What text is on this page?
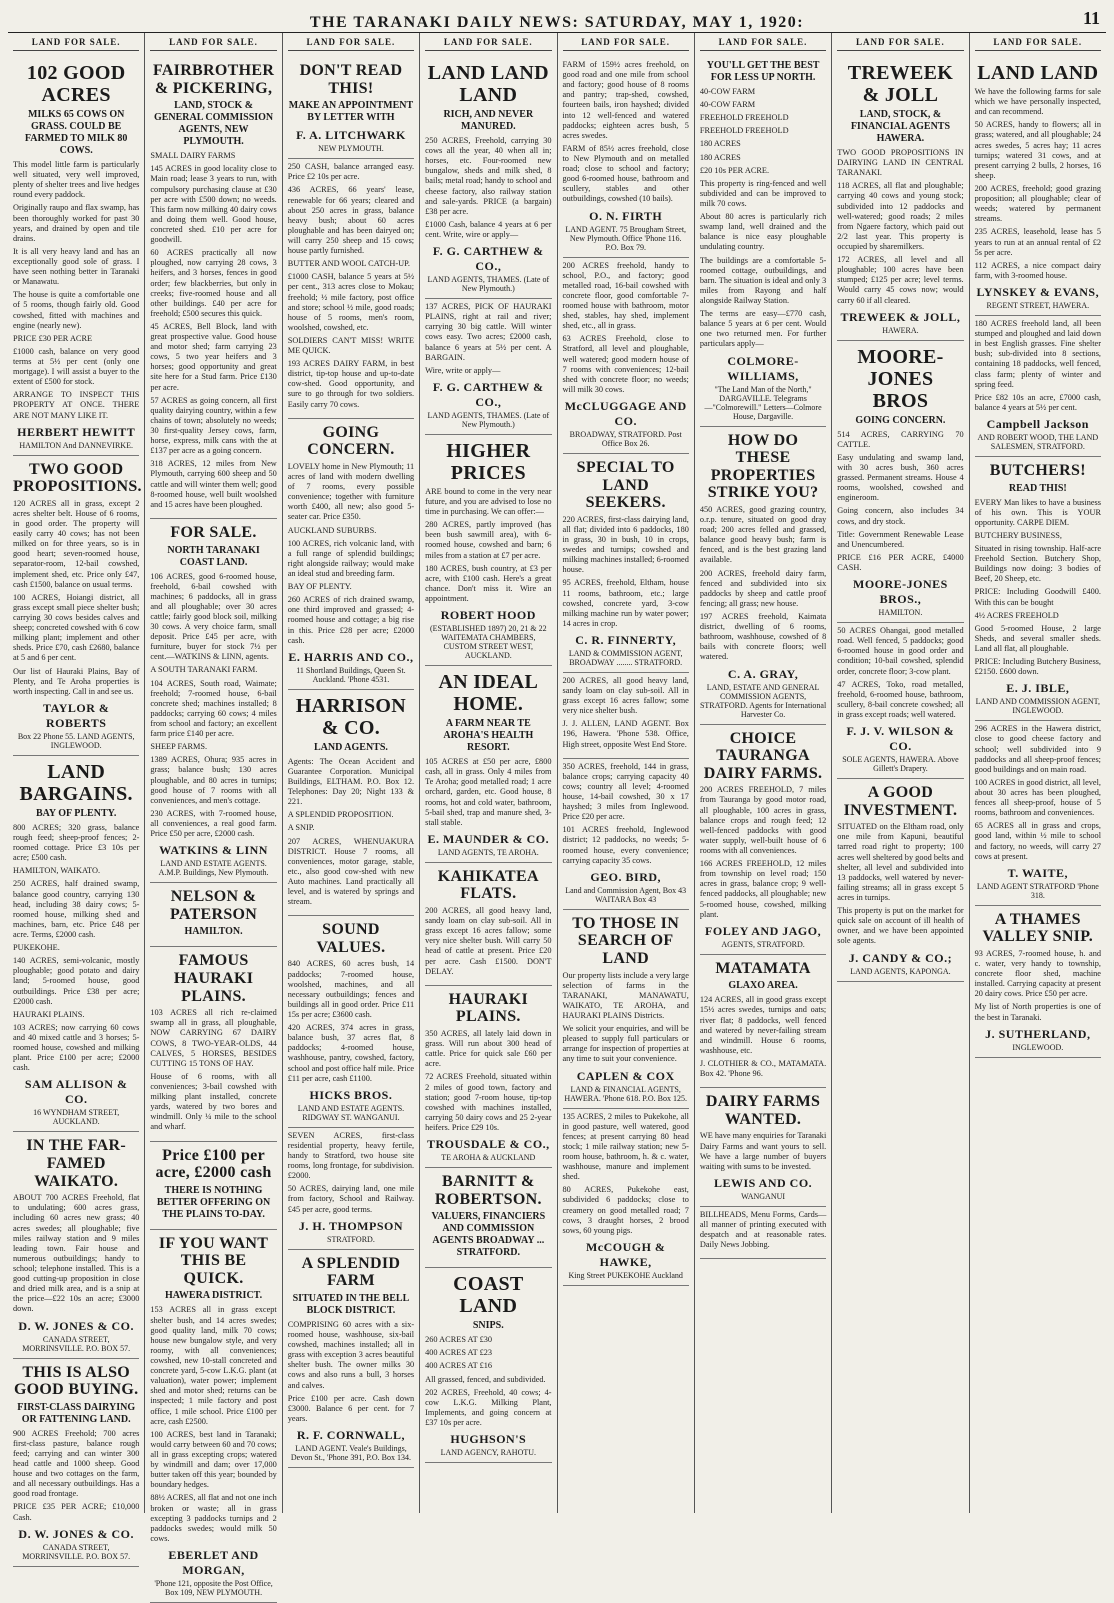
THE TARANAKI DAILY NEWS: SATURDAY, MAY 1, 1920:	11
LAND FOR SALE.
102 GOOD ACRES
MILKS 65 COWS ON GRASS. COULD BE FARMED TO MILK 80 COWS.

This model little farm is particularly well situated, very well improved, plenty of shelter trees and live hedges round every paddock.

Originally raupo and flax swamp, has been thoroughly worked for past 30 years, and drained by open and tile drains.

It is all very heavy land and has an exceptionally good sole of grass. I have seen nothing better in Taranaki or Manawatu.

The house is quite a comfortable one of 5 rooms, though fairly old. Good cowshed, fitted with machines and engine (nearly new).

PRICE £30 PER ACRE

£1000 cash, balance on very good terms at 5½ per cent (only one mortgage). I will assist a buyer to the extent of £500 for stock.

ARRANGE TO INSPECT THIS PROPERTY AT ONCE. THERE ARE NOT MANY LIKE IT.

HERBERT HEWITT
HAMILTON And DANNEVIRKE.
TWO GOOD PROPOSITIONS.

120 ACRES all in grass, except 2 acres shelter belt. House of 6 rooms, in good order. The property will easily carry 40 cows; has not been milked on for three years, so is in good heart; seven-roomed house, separator-room, 12-bail cowshed, implement shed, etc. Price only £47, cash £1500, balance on usual terms.

100 ACRES, Hoiangi district, all grass except small piece shelter bush; carrying 30 cows besides calves and sheep; concreted cowshed with 6 cow milking plant; implement and other sheds. Price £70, cash £2680, balance at 5 and 6 per cent.

Our list of Hauraki Plains, Bay of Plenty, and Te Aroha properties is worth inspecting. Call in and see us.

TAYLOR & ROBERTS
Box 22 Phone 55. LAND AGENTS, INGLEWOOD.
LAND BARGAINS.
BAY OF PLENTY.

800 ACRES; 320 grass, balance rough feed; sheep-proof fences; 2-roomed cottage. Price £3 10s per acre; £500 cash.

HAMILTON, WAIKATO.

250 ACRES, half drained swamp, balance good country, carrying 130 head, including 38 dairy cows; 5-roomed house, milking shed and machines, barn, etc. Price £48 per acre. Terms, £2000 cash.

PUKEKOHE.

140 ACRES, semi-volcanic, mostly ploughable; good potato and dairy land; 5-roomed house, good outbuildings. Price £38 per acre; £2000 cash.

HAURAKI PLAINS.

103 ACRES; now carrying 60 cows and 40 mixed cattle and 3 horses; 5-roomed house, cowshed and milking plant. Price £100 per acre; £2000 cash.

SAM ALLISON & CO.
16 WYNDHAM STREET, AUCKLAND.
IN THE FAR-FAMED WAIKATO.

ABOUT 700 ACRES Freehold, flat to undulating; 600 acres grass, including 60 acres new grass; 40 acres swedes; all ploughable; five miles railway station and 9 miles leading town. Fair house and numerous outbuildings; handy to school; telephone installed. This is a good cutting-up proposition in close and dried milk area, and is a snip at the price—£22 10s an acre; £3000 down.

D. W. JONES & CO.
CANADA STREET, MORRINSVILLE. P.O. BOX 57.
THIS IS ALSO GOOD BUYING.
FIRST-CLASS DAIRYING OR FATTENING LAND.

900 ACRES Freehold; 700 acres first-class pasture, balance rough feed; carrying and can winter 300 head cattle and 1000 sheep. Good house and two cottages on the farm, and all necessary outbuildings. Has a good road frontage.

PRICE £35 PER ACRE; £10,000 Cash.

D. W. JONES & CO.
CANADA STREET, MORRINSVILLE. P.O. BOX 57.
LAND FOR SALE.
FAIRBROTHER & PICKERING,
LAND, STOCK & GENERAL COMMISSION AGENTS, NEW PLYMOUTH.

SMALL DAIRY FARMS

145 ACRES in good locality close to Main road; lease 3 years to run, with compulsory purchasing clause at £30 per acre with £500 down; no weeds. This farm now milking 40 dairy cows and doing them well. Good house, concreted shed. £10 per acre for goodwill.

60 ACRES practically all now ploughed, now carrying 28 cows, 3 heifers, and 3 horses, fences in good order; few blackberries, but only in creeks; five-roomed house and all other buildings. £40 per acre for freehold; £500 secures this quick.

45 ACRES, Bell Block, land with great prospective value. Good house and motor shed; farm carrying 23 cows, 5 two year heifers and 3 horses; good opportunity and great site here for a Stud farm. Price £130 per acre.

57 ACRES as going concern, all first quality dairying country, within a few chains of town; absolutely no weeds; 30 first-quality Jersey cows, farm, horse, express, milk cans with the at £137 per acre as a going concern.

318 ACRES, 12 miles from New Plymouth, carrying 600 sheep and 50 cattle and will winter them well; good 8-roomed house, well built woolshed and 15 acres have been ploughed.

FOR SALE.
NORTH TARANAKI COAST LAND.

106 ACRES, good 6-roomed house, freehold, 6-bail cowshed with machines; 6 paddocks, all in grass and all ploughable; over 30 acres cattle; fairly good block soil, milking 30 cows. A very choice farm, small deposit. Price £45 per acre, with furniture, buyer for stock 7½ per cent.—WATKINS & LINN, agents.

A SOUTH TARANAKI FARM.

104 ACRES, South road, Waimate; freehold; 7-roomed house, 6-bail concrete shed; machines installed; 8 paddocks; carrying 60 cows; 4 miles from school and factory; an excellent farm price £140 per acre.

SHEEP FARMS.

1389 ACRES, Ohura; 935 acres in grass; balance bush; 130 acres ploughable, and 80 acres in turnips; good house of 7 rooms with all conveniences, and men's cottage.

230 ACRES, with 7-roomed house, all conveniences, a real good farm. Price £50 per acre, £2000 cash.

WATKINS & LINN
LAND AND ESTATE AGENTS. A.M.P. Buildings, New Plymouth.
NELSON & PATERSON
HAMILTON.
FAMOUS HAURAKI PLAINS.

103 ACRES all rich re-claimed swamp all in grass, all ploughable, NOW CARRYING 67 DAIRY COWS, 8 TWO-YEAR-OLDS, 44 CALVES, 5 HORSES, BESIDES CUTTING 15 TONS OF HAY.

House of 6 rooms, with all conveniences; 3-bail cowshed with milking plant installed, concrete yards, watered by two bores and windmill. Only ¼ mile to the school and wharf.

Price £100 per acre, £2000 cash
THERE IS NOTHING BETTER OFFERING ON THE PLAINS TO-DAY.
IF YOU WANT THIS BE QUICK.
HAWERA DISTRICT.

153 ACRES all in grass except shelter bush, and 14 acres swedes; good quality land, milk 70 cows; house new bungalow style, and very roomy, with all conveniences; cowshed, new 10-stall concreted and concrete yard, 5-cow L.K.G. plant (at valuation), water power; implement shed and motor shed; returns can be inspected; 1 mile factory and post office, 1 mile school. Price £100 per acre, cash £2500.

100 ACRES, best land in Taranaki; would carry between 60 and 70 cows; all in grass excepting crops; watered by windmill and dam; over 17,000 butter taken off this year; bounded by boundary hedges.

88½ ACRES, all flat and not one inch broken or waste; all in grass excepting 3 paddocks turnips and 2 paddocks swedes; would milk 50 cows.

EBERLET AND MORGAN,
'Phone 121, opposite the Post Office, Box 109, NEW PLYMOUTH.
LAND FOR SALE.
DON'T READ THIS!
MAKE AN APPOINTMENT BY LETTER WITH
F. A. LITCHWARK
NEW PLYMOUTH.

250 CASH, balance arranged easy. Price £2 10s per acre.

436 ACRES, 66 years' lease, renewable for 66 years; cleared and about 250 acres in grass, balance heavy bush; about 60 acres ploughable and has been dairyed on; will carry 250 sheep and 15 cows; house partly furnished.

BUTTER AND WOOL CATCH-UP.

£1000 CASH, balance 5 years at 5½ per cent., 313 acres close to Mokau; freehold; ½ mile factory, post office and store; school ½ mile, good roads; house of 5 rooms, men's room, woolshed, cowshed, etc.

SOLDIERS CAN'T MISS! WRITE ME QUICK.

193 ACRES DAIRY FARM, in best district, tip-top house and up-to-date cow-shed. Good opportunity, and sure to go through for two soldiers. Easily carry 70 cows.

GOING CONCERN.

LOVELY home in New Plymouth; 11 acres of land with modern dwelling of 7 rooms, every possible convenience; together with furniture worth £400, all new; also good 5-seater car. Price £350.

AUCKLAND SUBURBS.

100 ACRES, rich volcanic land, with a full range of splendid buildings; right alongside railway; would make an ideal stud and breeding farm.

BAY OF PLENTY.

260 ACRES of rich drained swamp, one third improved and grassed; 4-roomed house and cottage; a big rise in this. Price £28 per acre; £2000 cash.

E. HARRIS AND CO.,
11 Shortland Buildings, Queen St. Auckland. 'Phone 4531.
HARRISON & CO.
LAND AGENTS.

Agents: The Ocean Accident and Guarantee Corporation. Municipal Buildings, ELTHAM. P.O. Box 12. Telephones: Day 20; Night 133 & 221.

A SPLENDID PROPOSITION.

A SNIP.

207 ACRES, WHENUAKURA DISTRICT. House 7 rooms, all conveniences, motor garage, stable, etc., also good cow-shed with new Auto machines. Land practically all level, and is watered by springs and stream.

SOUND VALUES.

840 ACRES, 60 acres bush, 14 paddocks; 7-roomed house, woolshed, machines, and all necessary outbuildings; fences and buildings all in good order. Price £11 15s per acre; £3600 cash.

420 ACRES, 374 acres in grass, balance bush, 37 acres flat, 8 paddocks; 4-roomed house, washhouse, pantry, cowshed, factory, school and post office half mile. Price £11 per acre, cash £1100.

HICKS BROS.
LAND AND ESTATE AGENTS. RIDGWAY ST. WANGANUI.

SEVEN ACRES, first-class residential property, heavy fertile, handy to Stratford, two house site rooms, long frontage, for subdivision. £2000.

50 ACRES, dairying land, one mile from factory, School and Railway. £45 per acre, good terms.

J. H. THOMPSON
STRATFORD.
A SPLENDID FARM
SITUATED IN THE BELL BLOCK DISTRICT.

COMPRISING 60 acres with a six-roomed house, washhouse, six-bail cowshed, machines installed; all in grass with exception 3 acres beautiful shelter bush. The owner milks 30 cows and also runs a bull, 3 horses and calves.

Price £100 per acre. Cash down £3000. Balance 6 per cent. for 7 years.

R. F. CORNWALL,
LAND AGENT. Veale's Buildings, Devon St., 'Phone 391, P.O. Box 134.
LAND FOR SALE.
LAND LAND LAND
RICH, AND NEVER MANURED.

250 ACRES, Freehold, carrying 30 cows all the year, 40 when all in; horses, etc. Four-roomed new bungalow, sheds and milk shed, 8 bails; metal road; handy to school and cheese factory, also railway station and sale-yards. PRICE (a bargain) £38 per acre.

£1000 Cash, balance 4 years at 6 per cent. Write, wire or apply—

F. G. CARTHEW & CO.,
LAND AGENTS, THAMES. (Late of New Plymouth.)

137 ACRES, PICK OF HAURAKI PLAINS, right at rail and river; carrying 30 big cattle. Will winter cows easy. Two acres; £2000 cash, balance 6 years at 5½ per cent. A BARGAIN.

Wire, write or apply—

F. G. CARTHEW & CO.,
LAND AGENTS, THAMES. (Late of New Plymouth.)
HIGHER PRICES

ARE bound to come in the very near future, and you are advised to lose no time in purchasing. We can offer:—

280 ACRES, partly improved (has been bush sawmill area), with 6-roomed house, cowshed and barn; 6 miles from a station at £7 per acre.

180 ACRES, bush country, at £3 per acre, with £100 cash. Here's a great chance. Don't miss it. Wire an appointment.

ROBERT HOOD
(ESTABLISHED 1897) 20, 21 & 22 WAITEMATA CHAMBERS, CUSTOM STREET WEST, AUCKLAND.
AN IDEAL HOME.
A FARM NEAR TE AROHA'S HEALTH RESORT.

105 ACRES at £50 per acre, £800 cash, all in grass. Only 4 miles from Te Aroha; good metalled road; 1 acre orchard, garden, etc. Good house, 8 rooms, hot and cold water, bathroom, 5-bail shed, trap and manure shed, 3-stall stable.

E. MAUNDER & CO.
LAND AGENTS, TE AROHA.
KAHIKATEA FLATS.

200 ACRES, all good heavy land, sandy loam on clay sub-soil. All in grass except 16 acres fallow; some very nice shelter bush. Will carry 50 head of cattle at present. Price £20 per acre. Cash £1500. DON'T DELAY.

HAURAKI PLAINS.

350 ACRES, all lately laid down in grass. Will run about 300 head of cattle. Price for quick sale £60 per acre.

72 ACRES Freehold, situated within 2 miles of good town, factory and station; good 7-room house, tip-top cowshed with machines installed, carrying 50 dairy cows and 25 2-year heifers. Price £29 10s.

TROUSDALE & CO.,
TE AROHA & AUCKLAND
BARNITT & ROBERTSON.
VALUERS, FINANCIERS AND COMMISSION AGENTS BROADWAY ... STRATFORD.
COAST LAND
SNIPS.

260 ACRES AT £30

400 ACRES AT £23

400 ACRES AT £16

All grassed, fenced, and subdivided.

202 ACRES, Freehold, 40 cows; 4-cow L.K.G. Milking Plant, Implements, and going concern at £37 10s per acre.

HUGHSON'S
LAND AGENCY, RAHOTU.
LAND FOR SALE.

FARM of 159½ acres freehold, on good road and one mile from school and factory; good house of 8 rooms and pantry; trap-shed, cowshed, fourteen bails, iron hayshed; divided into 12 well-fenced and watered paddocks; eighteen acres bush, 5 acres swedes.

FARM of 85½ acres freehold, close to New Plymouth and on metalled road; close to school and factory; good 6-roomed house, bathroom and scullery, stables and other outbuildings, cowshed (10 bails).

O. N. FIRTH
LAND AGENT. 75 Brougham Street, New Plymouth. Office 'Phone 116. P.O. Box 79.

200 ACRES freehold, handy to school, P.O., and factory; good metalled road, 16-bail cowshed with concrete floor, good comfortable 7-roomed house with bathroom, motor shed, stables, hay shed, implement shed, etc., all in grass.

63 ACRES Freehold, close to Stratford, all level and ploughable, well watered; good modern house of 7 rooms with conveniences; 12-bail shed with concrete floor; no weeds; will milk 30 cows.

McCLUGGAGE AND CO.
BROADWAY, STRATFORD. Post Office Box 26.
SPECIAL TO LAND SEEKERS.

220 ACRES, first-class dairying land, all flat; divided into 6 paddocks, 180 in grass, 30 in bush, 10 in crops, swedes and turnips; cowshed and milking machines installed; 6-roomed house.

95 ACRES, freehold, Eltham, house 11 rooms, bathroom, etc.; large cowshed, concrete yard, 3-cow milking machine run by water power; 14 acres in crop.

C. R. FINNERTY,
LAND & COMMISSION AGENT, BROADWAY ........ STRATFORD.

200 ACRES, all good heavy land, sandy loam on clay sub-soil. All in grass except 16 acres fallow; some very nice shelter bush.

J. J. ALLEN, LAND AGENT. Box 196, Hawera. 'Phone 538. Office, High street, opposite West End Store.

350 ACRES, freehold, 144 in grass, balance crops; carrying capacity 40 cows; country all level; 4-roomed house, 14-bail cowshed, 30 x 17 hayshed; 3 miles from Inglewood. Price £20 per acre.

101 ACRES freehold, Inglewood district; 12 paddocks, no weeds; 5-roomed house, every convenience; carrying capacity 35 cows.

GEO. BIRD,
Land and Commission Agent, Box 43 WAITARA Box 43
TO THOSE IN SEARCH OF LAND

Our property lists include a very large selection of farms in the TARANAKI, MANAWATU, WAIKATO, TE AROHA, and HAURAKI PLAINS Districts.

We solicit your enquiries, and will be pleased to supply full particulars or arrange for inspection of properties at any time to suit your convenience.

CAPLEN & COX
LAND & FINANCIAL AGENTS, HAWERA. 'Phone 618. P.O. Box 125.

135 ACRES, 2 miles to Pukekohe, all in good pasture, well watered, good fences; at present carrying 80 head stock; 1 mile railway station; new 5-room house, bathroom, h. & c. water, washhouse, manure and implement shed.

80 ACRES, Pukekohe east, subdivided 6 paddocks; close to creamery on good metalled road; 7 cows, 3 draught horses, 2 brood sows, 60 young pigs.

McCOUGH & HAWKE,
King Street PUKEKOHE Auckland
LAND FOR SALE.
YOU'LL GET THE BEST FOR LESS UP NORTH.

40-COW FARM

40-COW FARM

FREEHOLD FREEHOLD

FREEHOLD FREEHOLD

180 ACRES

180 ACRES

£20 10s PER ACRE.

This property is ring-fenced and well subdivided and can be improved to milk 70 cows.

About 80 acres is particularly rich swamp land, well drained and the balance is nice easy ploughable undulating country.

The buildings are a comfortable 5-roomed cottage, outbuildings, and barn. The situation is ideal and only 3 miles from Rayong and half alongside Railway Station.

The terms are easy—£770 cash, balance 5 years at 6 per cent. Would one two returned men. For further particulars apply—

COLMORE-WILLIAMS,
"The Land Man of the North," DARGAVILLE. Telegrams—"Colmorewill." Letters—Colmore House, Dargaville.
HOW DO THESE PROPERTIES STRIKE YOU?

450 ACRES, good grazing country, o.r.p. tenure, situated on good dray road; 200 acres felled and grassed, balance good heavy bush; farm is fenced, and is the best grazing land available.

200 ACRES, freehold dairy farm, fenced and subdivided into six paddocks by sheep and cattle proof fencing; all grass; new house.

197 ACRES freehold, Kaimata district, dwelling of 6 rooms, bathroom, washhouse, cowshed of 8 bails with concrete floors; well watered.

C. A. GRAY,
LAND, ESTATE AND GENERAL COMMISSION AGENTS, STRATFORD. Agents for International Harvester Co.
CHOICE TAURANGA DAIRY FARMS.

200 ACRES FREEHOLD, 7 miles from Tauranga by good motor road, all ploughable, 100 acres in grass, balance crops and rough feed; 12 well-fenced paddocks with good water supply, well-built house of 6 rooms with all conveniences.

166 ACRES FREEHOLD, 12 miles from township on level road; 150 acres in grass, balance crop; 9 well-fenced paddocks, all ploughable; new 5-roomed house, cowshed, milking plant.

FOLEY AND JAGO,
AGENTS, STRATFORD.
MATAMATA
GLAXO AREA.

124 ACRES, all in good grass except 15½ acres swedes, turnips and oats; river flat; 8 paddocks, well fenced and watered by never-failing stream and windmill. House 6 rooms, washhouse, etc.

J. CLOTHIER & CO., MATAMATA. Box 42. 'Phone 96.

DAIRY FARMS WANTED.

WE have many enquiries for Taranaki Dairy Farms and want yours to sell. We have a large number of buyers waiting with sums to be invested.

LEWIS AND CO.
WANGANUI

BILLHEADS, Menu Forms, Cards—all manner of printing executed with despatch and at reasonable rates. Daily News Jobbing.

LAND FOR SALE.
TREWEEK & JOLL
LAND, STOCK, & FINANCIAL AGENTS HAWERA.

TWO GOOD PROPOSITIONS IN DAIRYING LAND IN CENTRAL TARANAKI.

118 ACRES, all flat and ploughable; carrying 40 cows and young stock; subdivided into 12 paddocks and well-watered; good roads; 2 miles from Ngaere factory, which paid out 2/2 last year. This property is occupied by sharemilkers.

172 ACRES, all level and all ploughable; 100 acres have been stumped; £125 per acre; level terms. Would carry 45 cows now; would carry 60 if all cleared.

TREWEEK & JOLL,
HAWERA.
MOORE-JONES BROS
GOING CONCERN.

514 ACRES, CARRYING 70 CATTLE.

Easy undulating and swamp land, with 30 acres bush, 360 acres grassed. Permanent streams. House 4 rooms, woolshed, cowshed and engineroom.

Going concern, also includes 34 cows, and dry stock.

Title: Government Renewable Lease and Unencumbered.

PRICE £16 PER ACRE, £4000 CASH.

MOORE-JONES BROS.,
HAMILTON.

50 ACRES Ohangai, good metalled road. Well fenced, 5 paddocks; good 6-roomed house in good order and condition; 10-bail cowshed, splendid order, concrete floor; 3-cow plant.

47 ACRES, Toko, road metalled, freehold, 6-roomed house, bathroom, scullery, 8-bail concrete cowshed; all in grass except roads; well watered.

F. J. V. WILSON & CO.
SOLE AGENTS, HAWERA. Above Gillett's Drapery.
A GOOD INVESTMENT.

SITUATED on the Eltham road, only one mile from Kapuni, beautiful tarred road right to property; 100 acres well sheltered by good belts and shelter, all level and subdivided into 13 paddocks, well watered by never-failing streams; all in grass except 5 acres in turnips.

This property is put on the market for quick sale on account of ill health of owner, and we have been appointed sole agents.

J. CANDY & CO.;
LAND AGENTS, KAPONGA.
LAND FOR SALE.
LAND LAND

We have the following farms for sale which we have personally inspected, and can recommend.

50 ACRES, handy to flowers; all in grass; watered, and all ploughable; 24 acres swedes, 5 acres hay; 11 acres turnips; watered 31 cows, and at present carrying 2 bulls, 2 horses, 16 sheep.

200 ACRES, freehold; good grazing proposition; all ploughable; clear of weeds; watered by permanent streams.

235 ACRES, leasehold, lease has 5 years to run at an annual rental of £2 5s per acre.

112 ACRES, a nice compact dairy farm, with 3-roomed house.

LYNSKEY & EVANS,
REGENT STREET, HAWERA.

180 ACRES freehold land, all been stumped and ploughed and laid down in best English grasses. Fine shelter bush; sub-divided into 8 sections, containing 18 paddocks, well fenced, class farm; plenty of winter and spring feed.

Price £82 10s an acre, £7000 cash, balance 4 years at 5½ per cent.

Campbell Jackson
AND ROBERT WOOD, THE LAND SALESMEN, STRATFORD.
BUTCHERS!
READ THIS!

EVERY Man likes to have a business of his own. This is YOUR opportunity. CARPE DIEM.

BUTCHERY BUSINESS,

Situated in rising township. Half-acre Freehold Section. Butchery Shop, Buildings now doing: 3 bodies of Beef, 20 Sheep, etc.

PRICE: Including Goodwill £400. With this can be bought

4½ ACRES FREEHOLD

Good 5-roomed House, 2 large Sheds, and several smaller sheds. Land all flat, all ploughable.

PRICE: Including Butchery Business, £2150. £600 down.

E. J. IBLE,
LAND AND COMMISSION AGENT, INGLEWOOD.

296 ACRES in the Hawera district, close to good cheese factory and school; well subdivided into 9 paddocks and all sheep-proof fences; good buildings and on main road.

100 ACRES in good district, all level, about 30 acres has been ploughed, fences all sheep-proof, house of 5 rooms, bathroom and conveniences.

65 ACRES all in grass and crops, good land, within ½ mile to school and factory, no weeds, will carry 27 cows at present.

T. WAITE,
LAND AGENT STRATFORD 'Phone 318.
A THAMES VALLEY SNIP.

93 ACRES, 7-roomed house, h. and c. water, very handy to township, concrete floor shed, machine installed. Carrying capacity at present 20 dairy cows. Price £50 per acre.

My list of North properties is one of the best in Taranaki.

J. SUTHERLAND,
INGLEWOOD.
